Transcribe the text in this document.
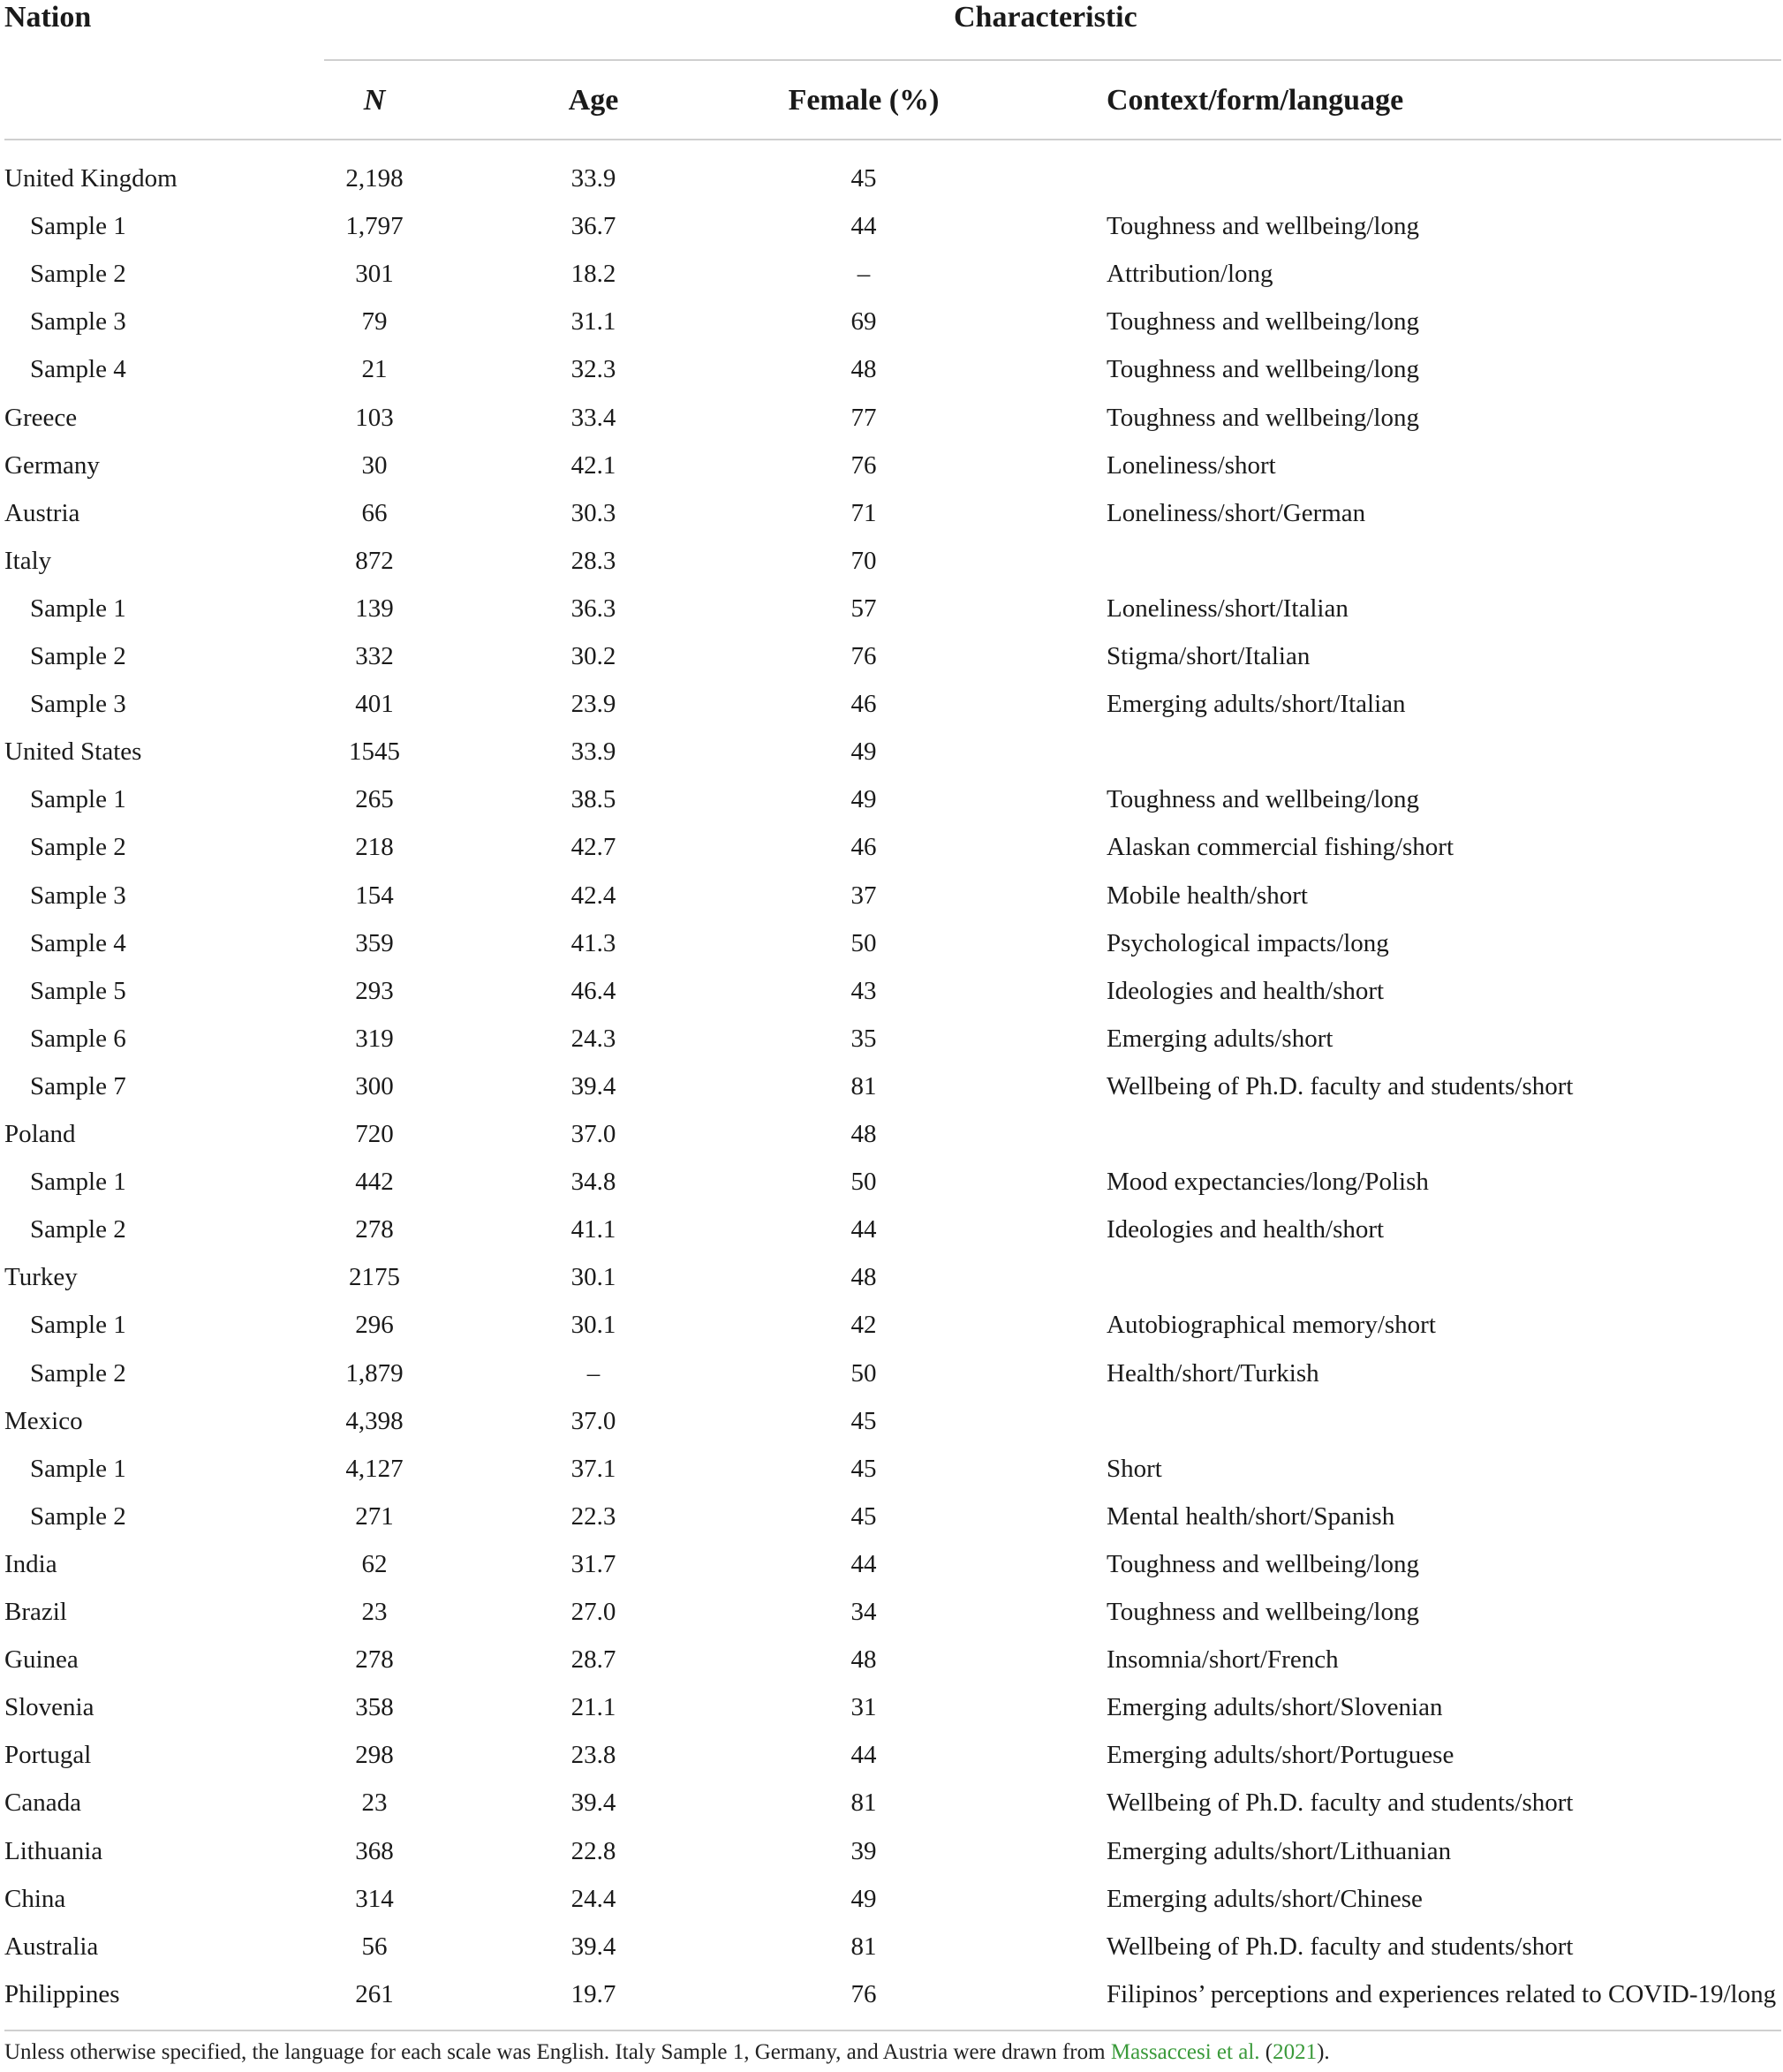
Nation	Characteristic
N	Age	Female (%)	Context/form/language
United Kingdom	2,198	33.9	45
Sample 1	1,797	36.7	44	Toughness and wellbeing/long
Sample 2	301	18.2	–	Attribution/long
Sample 3	79	31.1	69	Toughness and wellbeing/long
Sample 4	21	32.3	48	Toughness and wellbeing/long
Greece	103	33.4	77	Toughness and wellbeing/long
Germany	30	42.1	76	Loneliness/short
Austria	66	30.3	71	Loneliness/short/German
Italy	872	28.3	70
Sample 1	139	36.3	57	Loneliness/short/Italian
Sample 2	332	30.2	76	Stigma/short/Italian
Sample 3	401	23.9	46	Emerging adults/short/Italian
United States	1545	33.9	49
Sample 1	265	38.5	49	Toughness and wellbeing/long
Sample 2	218	42.7	46	Alaskan commercial fishing/short
Sample 3	154	42.4	37	Mobile health/short
Sample 4	359	41.3	50	Psychological impacts/long
Sample 5	293	46.4	43	Ideologies and health/short
Sample 6	319	24.3	35	Emerging adults/short
Sample 7	300	39.4	81	Wellbeing of Ph.D. faculty and students/short
Poland	720	37.0	48
Sample 1	442	34.8	50	Mood expectancies/long/Polish
Sample 2	278	41.1	44	Ideologies and health/short
Turkey	2175	30.1	48
Sample 1	296	30.1	42	Autobiographical memory/short
Sample 2	1,879	–	50	Health/short/Turkish
Mexico	4,398	37.0	45
Sample 1	4,127	37.1	45	Short
Sample 2	271	22.3	45	Mental health/short/Spanish
India	62	31.7	44	Toughness and wellbeing/long
Brazil	23	27.0	34	Toughness and wellbeing/long
Guinea	278	28.7	48	Insomnia/short/French
Slovenia	358	21.1	31	Emerging adults/short/Slovenian
Portugal	298	23.8	44	Emerging adults/short/Portuguese
Canada	23	39.4	81	Wellbeing of Ph.D. faculty and students/short
Lithuania	368	22.8	39	Emerging adults/short/Lithuanian
China	314	24.4	49	Emerging adults/short/Chinese
Australia	56	39.4	81	Wellbeing of Ph.D. faculty and students/short
Philippines	261	19.7	76	Filipinos’ perceptions and experiences related to COVID-19/long
Unless otherwise specified, the language for each scale was English. Italy Sample 1, Germany, and Austria were drawn from Massaccesi et al. (2021).
